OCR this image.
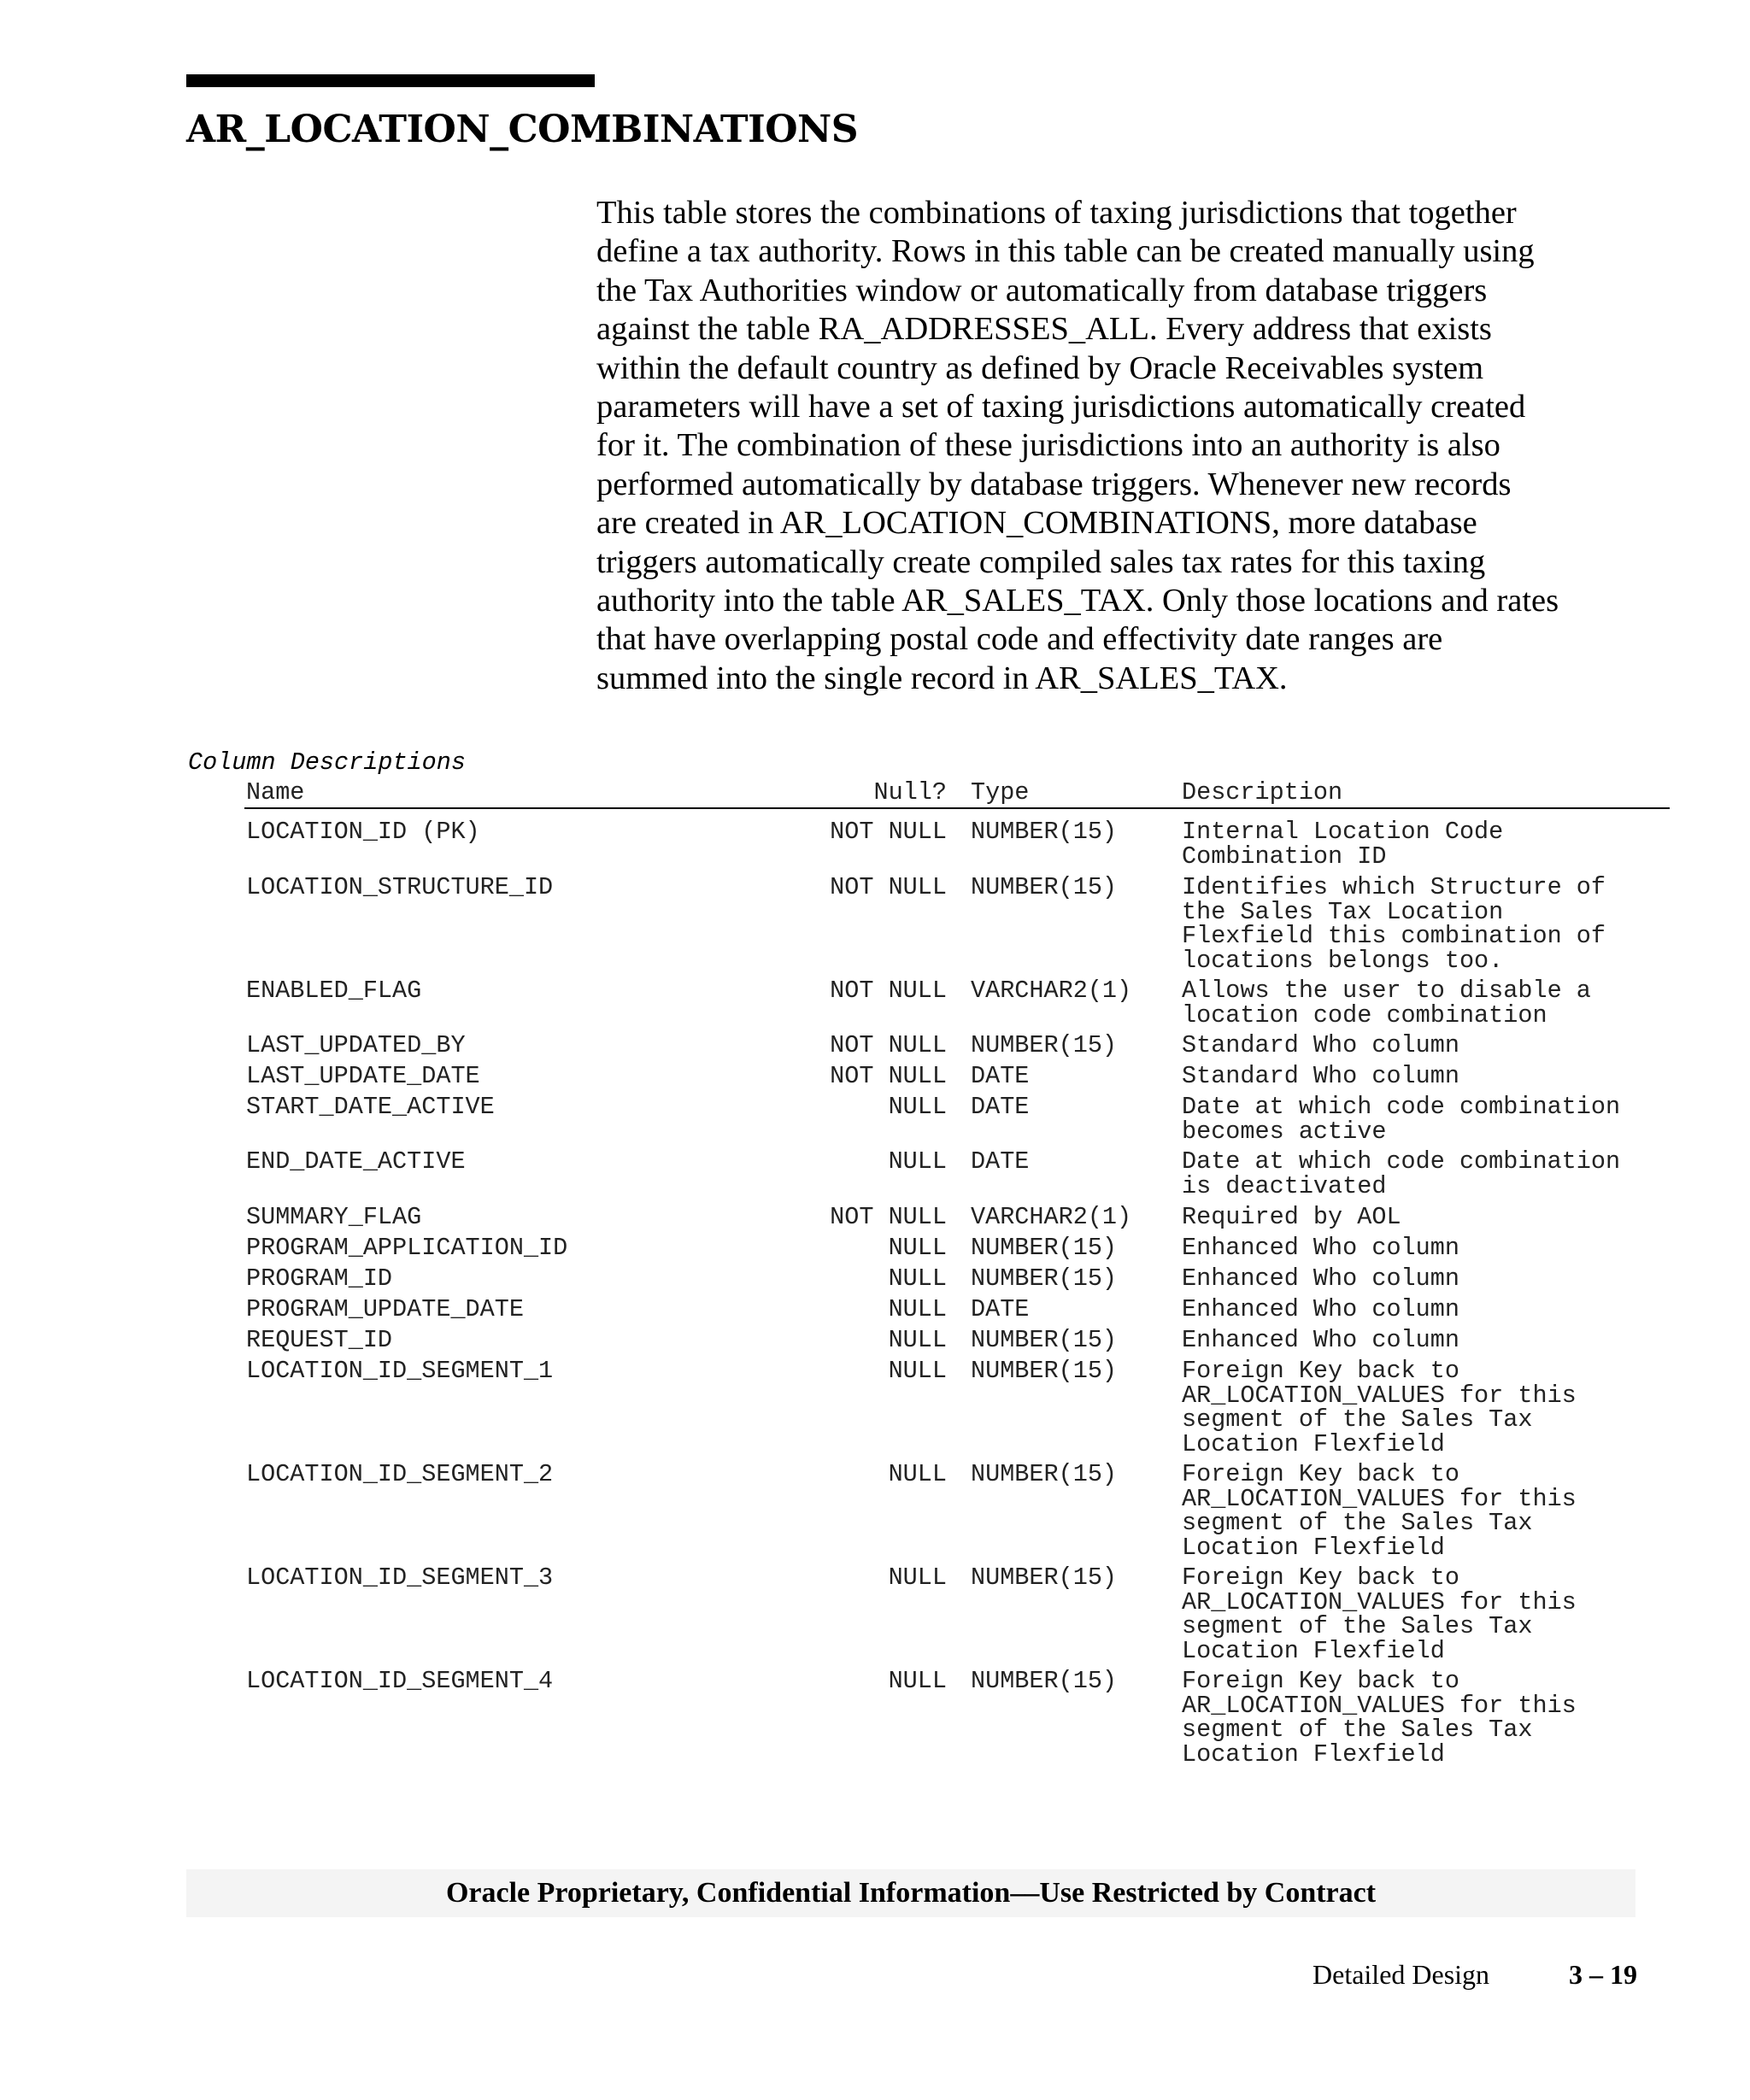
AR_LOCATION_COMBINATIONS
This table stores the combinations of taxing jurisdictions that together
define a tax authority. Rows in this table can be created manually using
the Tax Authorities window or automatically from database triggers
against the table RA_ADDRESSES_ALL. Every address that exists
within the default country as defined by Oracle Receivables system
parameters will have a set of taxing jurisdictions automatically created
for it. The combination of these jurisdictions into an authority is also
performed automatically by database triggers. Whenever new records
are created in AR_LOCATION_COMBINATIONS, more database
triggers automatically create compiled sales tax rates for this taxing
authority into the table AR_SALES_TAX. Only those locations and rates
that have overlapping postal code and effectivity date ranges are
summed into the single record in AR_SALES_TAX.
Column Descriptions
Name	Null? Type	Description
LOCATION_ID (PK)	NOT NULL NUMBER(15)	Internal Location Code
Combination ID
LOCATION_STRUCTURE_ID	NOT NULL NUMBER(15)	Identifies which Structure of
the Sales Tax Location
Flexfield this combination of
locations belongs too.
ENABLED_FLAG	NOT NULL VARCHAR2(1) Allows the user to disable a
location code combination
LAST_UPDATED_BY	NOT NULL NUMBER(15)	Standard Who column
LAST_UPDATE_DATE	NOT NULL DATE	Standard Who column
START_DATE_ACTIVE	NULL DATE	Date at which code combination
becomes active
END_DATE_ACTIVE	NULL DATE	Date at which code combination
is deactivated
SUMMARY_FLAG	NOT NULL VARCHAR2(1) Required by AOL
PROGRAM_APPLICATION_ID	NULL NUMBER(15)	Enhanced Who column
PROGRAM_ID	NULL NUMBER(15)	Enhanced Who column
PROGRAM_UPDATE_DATE	NULL DATE	Enhanced Who column
REQUEST_ID	NULL NUMBER(15)	Enhanced Who column
LOCATION_ID_SEGMENT_1	NULL NUMBER(15)	Foreign Key back to
AR_LOCATION_VALUES for this
segment of the Sales Tax
Location Flexfield
LOCATION_ID_SEGMENT_2	NULL NUMBER(15)	Foreign Key back to
AR_LOCATION_VALUES for this
segment of the Sales Tax
Location Flexfield
LOCATION_ID_SEGMENT_3	NULL NUMBER(15)	Foreign Key back to
AR_LOCATION_VALUES for this
segment of the Sales Tax
Location Flexfield
LOCATION_ID_SEGMENT_4	NULL NUMBER(15)	Foreign Key back to
AR_LOCATION_VALUES for this
segment of the Sales Tax
Location Flexfield
Oracle Proprietary, Confidential Information––Use Restricted by Contract
Detailed Design	3 – 19
